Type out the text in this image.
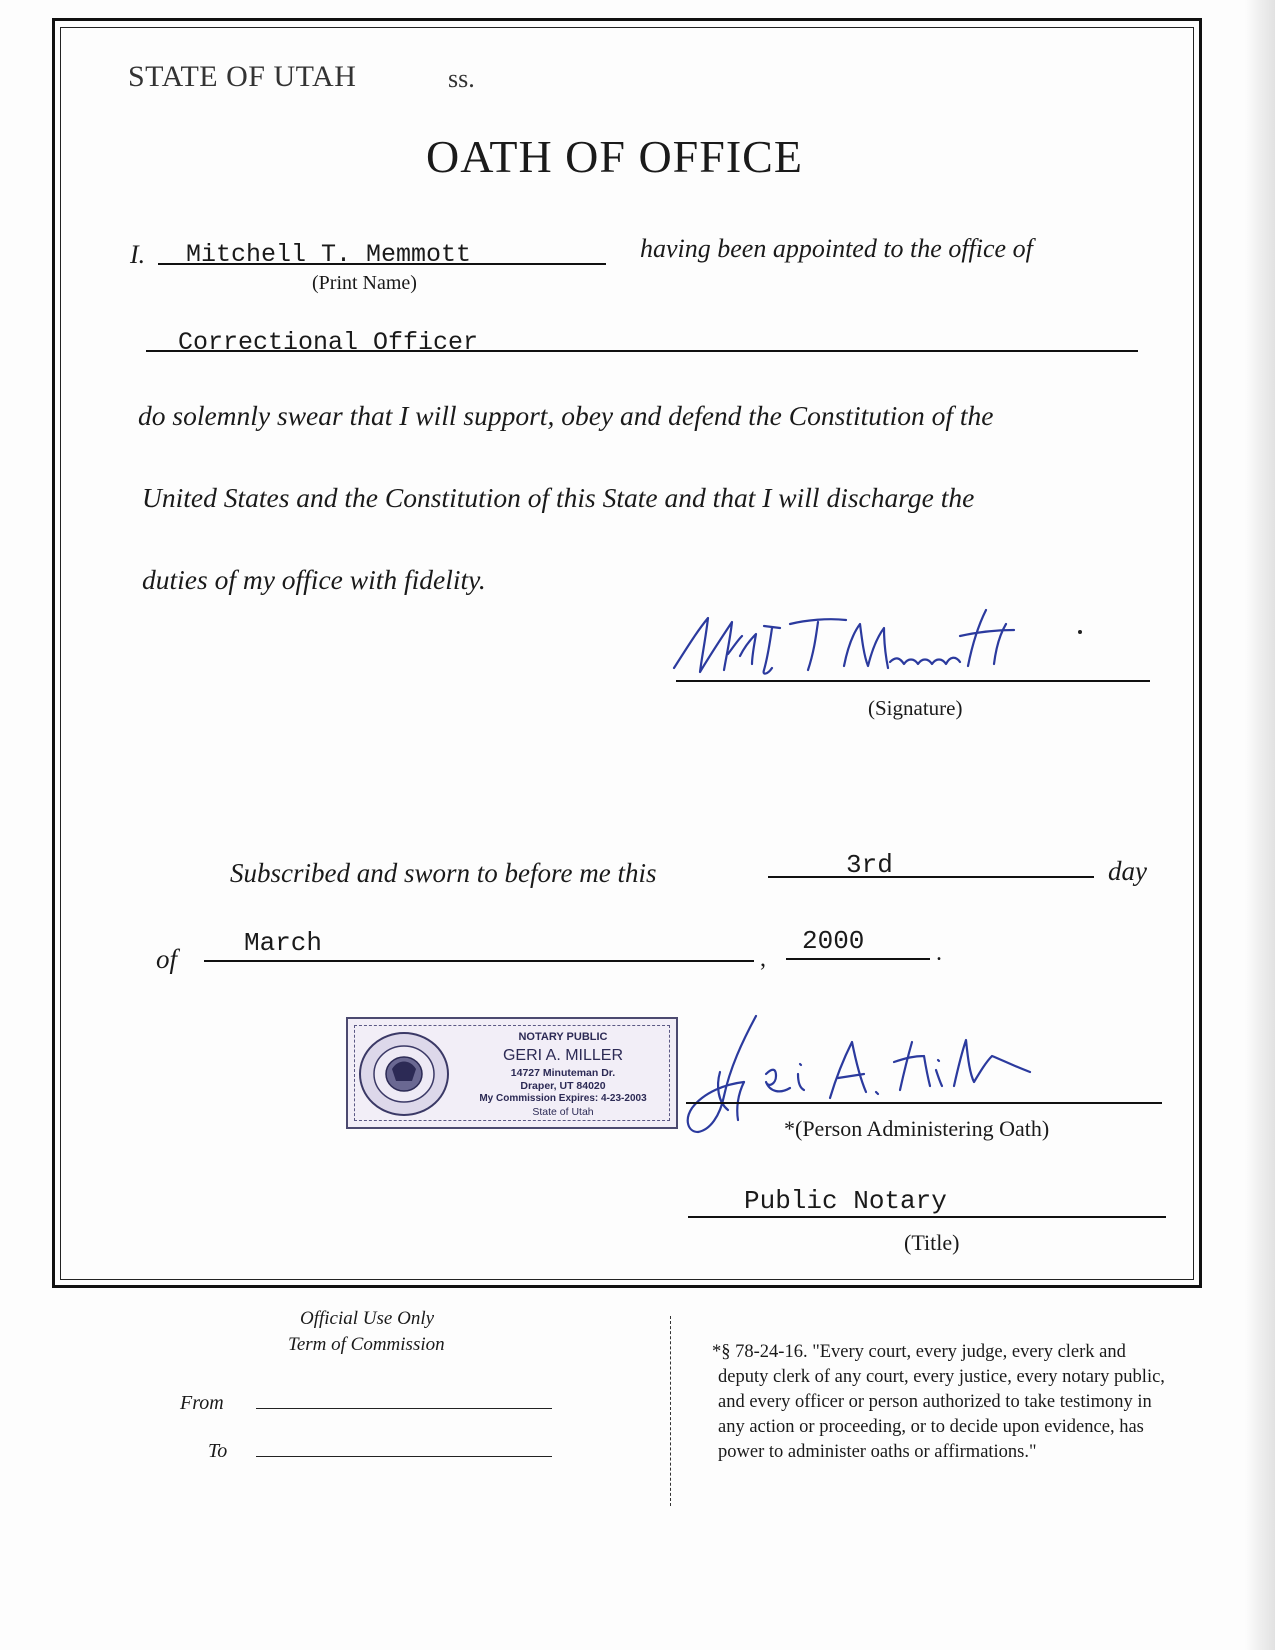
STATE OF UTAH	ss.
OATH OF OFFICE
I. Mitchell T. Memmott
(Print Name)
having been appointed to the office of
Correctional Officer
do solemnly swear that I will support, obey and defend the Constitution of the
United States and the Constitution of this State and that I will discharge the
duties of my office with fidelity.
(Signature)
Subscribed and sworn to before me this	3rd	day
of
March
,
2000	.
NOTARY PUBLIC
GERI A. MILLER
14727 Minuteman Dr.
Draper, UT 84020
My Commission Expires: 4-23-2003
State of Utah
*(Person Administering Oath)
Public Notary
(Title)
Official Use Only
Term of Commission
From
To
*§ 78-24-16. "Every court, every judge, every clerk and
deputy clerk of any court, every justice, every notary public,
and every officer or person authorized to take testimony in
any action or proceeding, or to decide upon evidence, has
power to administer oaths or affirmations."
